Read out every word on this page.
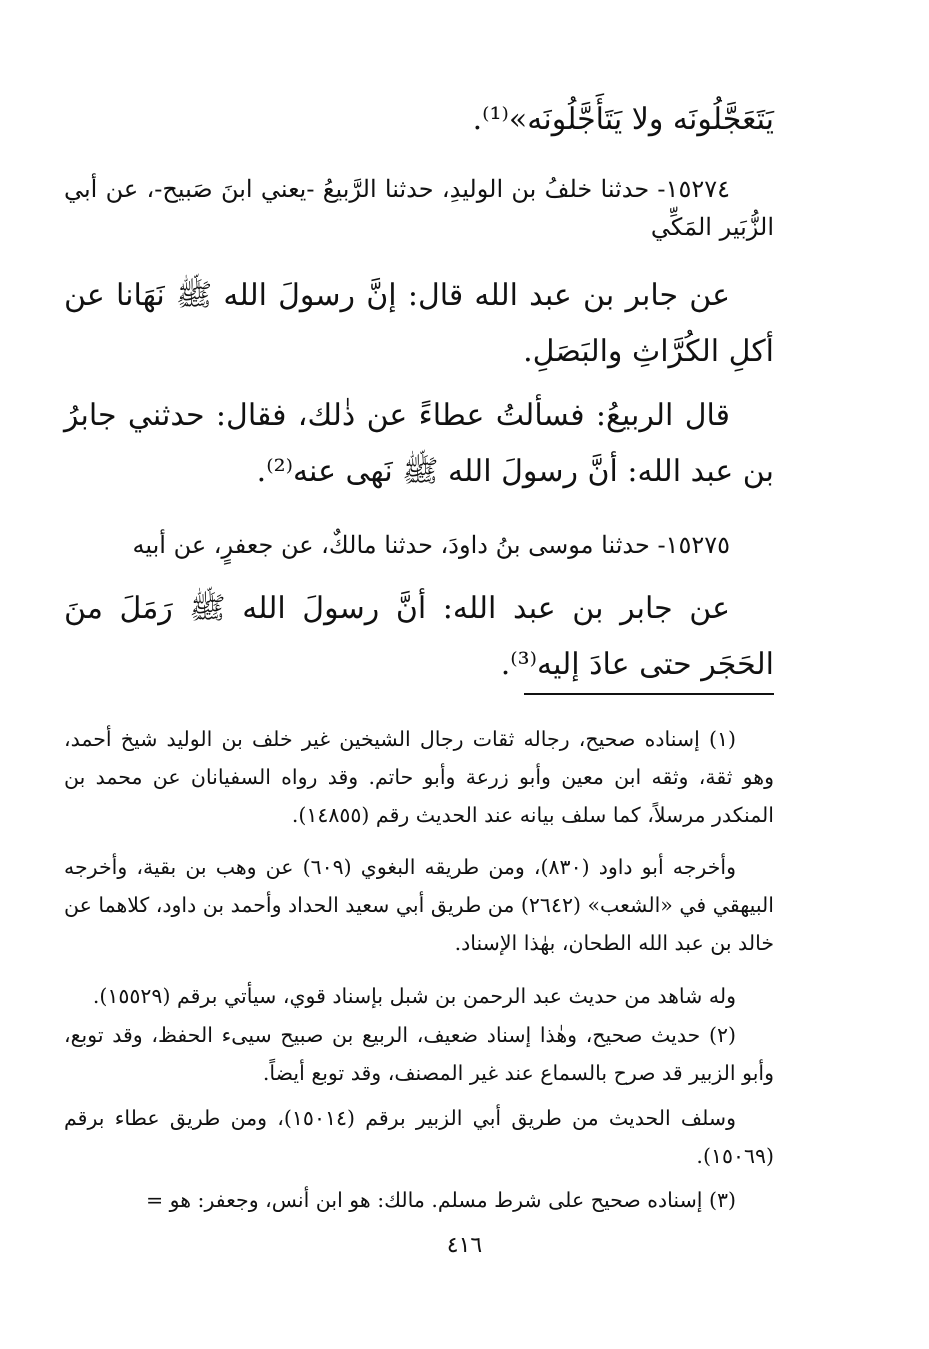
يَتَعَجَّلُونَه ولا يَتَأَجَّلُونَه»⁽¹⁾.

١٥٢٧٤- حدثنا خلفُ بن الوليدِ، حدثنا الرَّبيعُ -يعني ابنَ صَبيح-، عن أبي الزُّبَير المَكِّي

عن جابر بن عبد الله قال: إنَّ رسولَ الله ﷺ نَهَانا عن أكلِ الكُرَّاثِ والبَصَلِ.

قال الربيعُ: فسألتُ عطاءً عن ذٰلك، فقال: حدثني جابرُ بن عبد الله: أنَّ رسولَ الله ﷺ نَهى عنه⁽²⁾.

١٥٢٧٥- حدثنا موسى بنُ داودَ، حدثنا مالكٌ، عن جعفرٍ، عن أبيه

عن جابر بن عبد الله: أنَّ رسولَ الله ﷺ رَمَلَ منَ الحَجَر حتى عادَ إليه⁽³⁾.

(١) إسناده صحيح، رجاله ثقات رجال الشيخين غير خلف بن الوليد شيخ أحمد، وهو ثقة، وثقه ابن معين وأبو زرعة وأبو حاتم. وقد رواه السفيانان عن محمد بن المنكدر مرسلاً، كما سلف بيانه عند الحديث رقم (١٤٨٥٥).

وأخرجه أبو داود (٨٣٠)، ومن طريقه البغوي (٦٠٩) عن وهب بن بقية، وأخرجه البيهقي في «الشعب» (٢٦٤٢) من طريق أبي سعيد الحداد وأحمد بن داود، كلاهما عن خالد بن عبد الله الطحان، بهٰذا الإسناد.

وله شاهد من حديث عبد الرحمن بن شبل بإسناد قوي، سيأتي برقم (١٥٥٢٩).

(٢) حديث صحيح، وهٰذا إسناد ضعيف، الربيع بن صبيح سيىء الحفظ، وقد توبع، وأبو الزبير قد صرح بالسماع عند غير المصنف، وقد توبع أيضاً.

وسلف الحديث من طريق أبي الزبير برقم (١٥٠١٤)، ومن طريق عطاء برقم (١٥٠٦٩).

(٣) إسناده صحيح على شرط مسلم. مالك: هو ابن أنس، وجعفر: هو =

٤١٦
